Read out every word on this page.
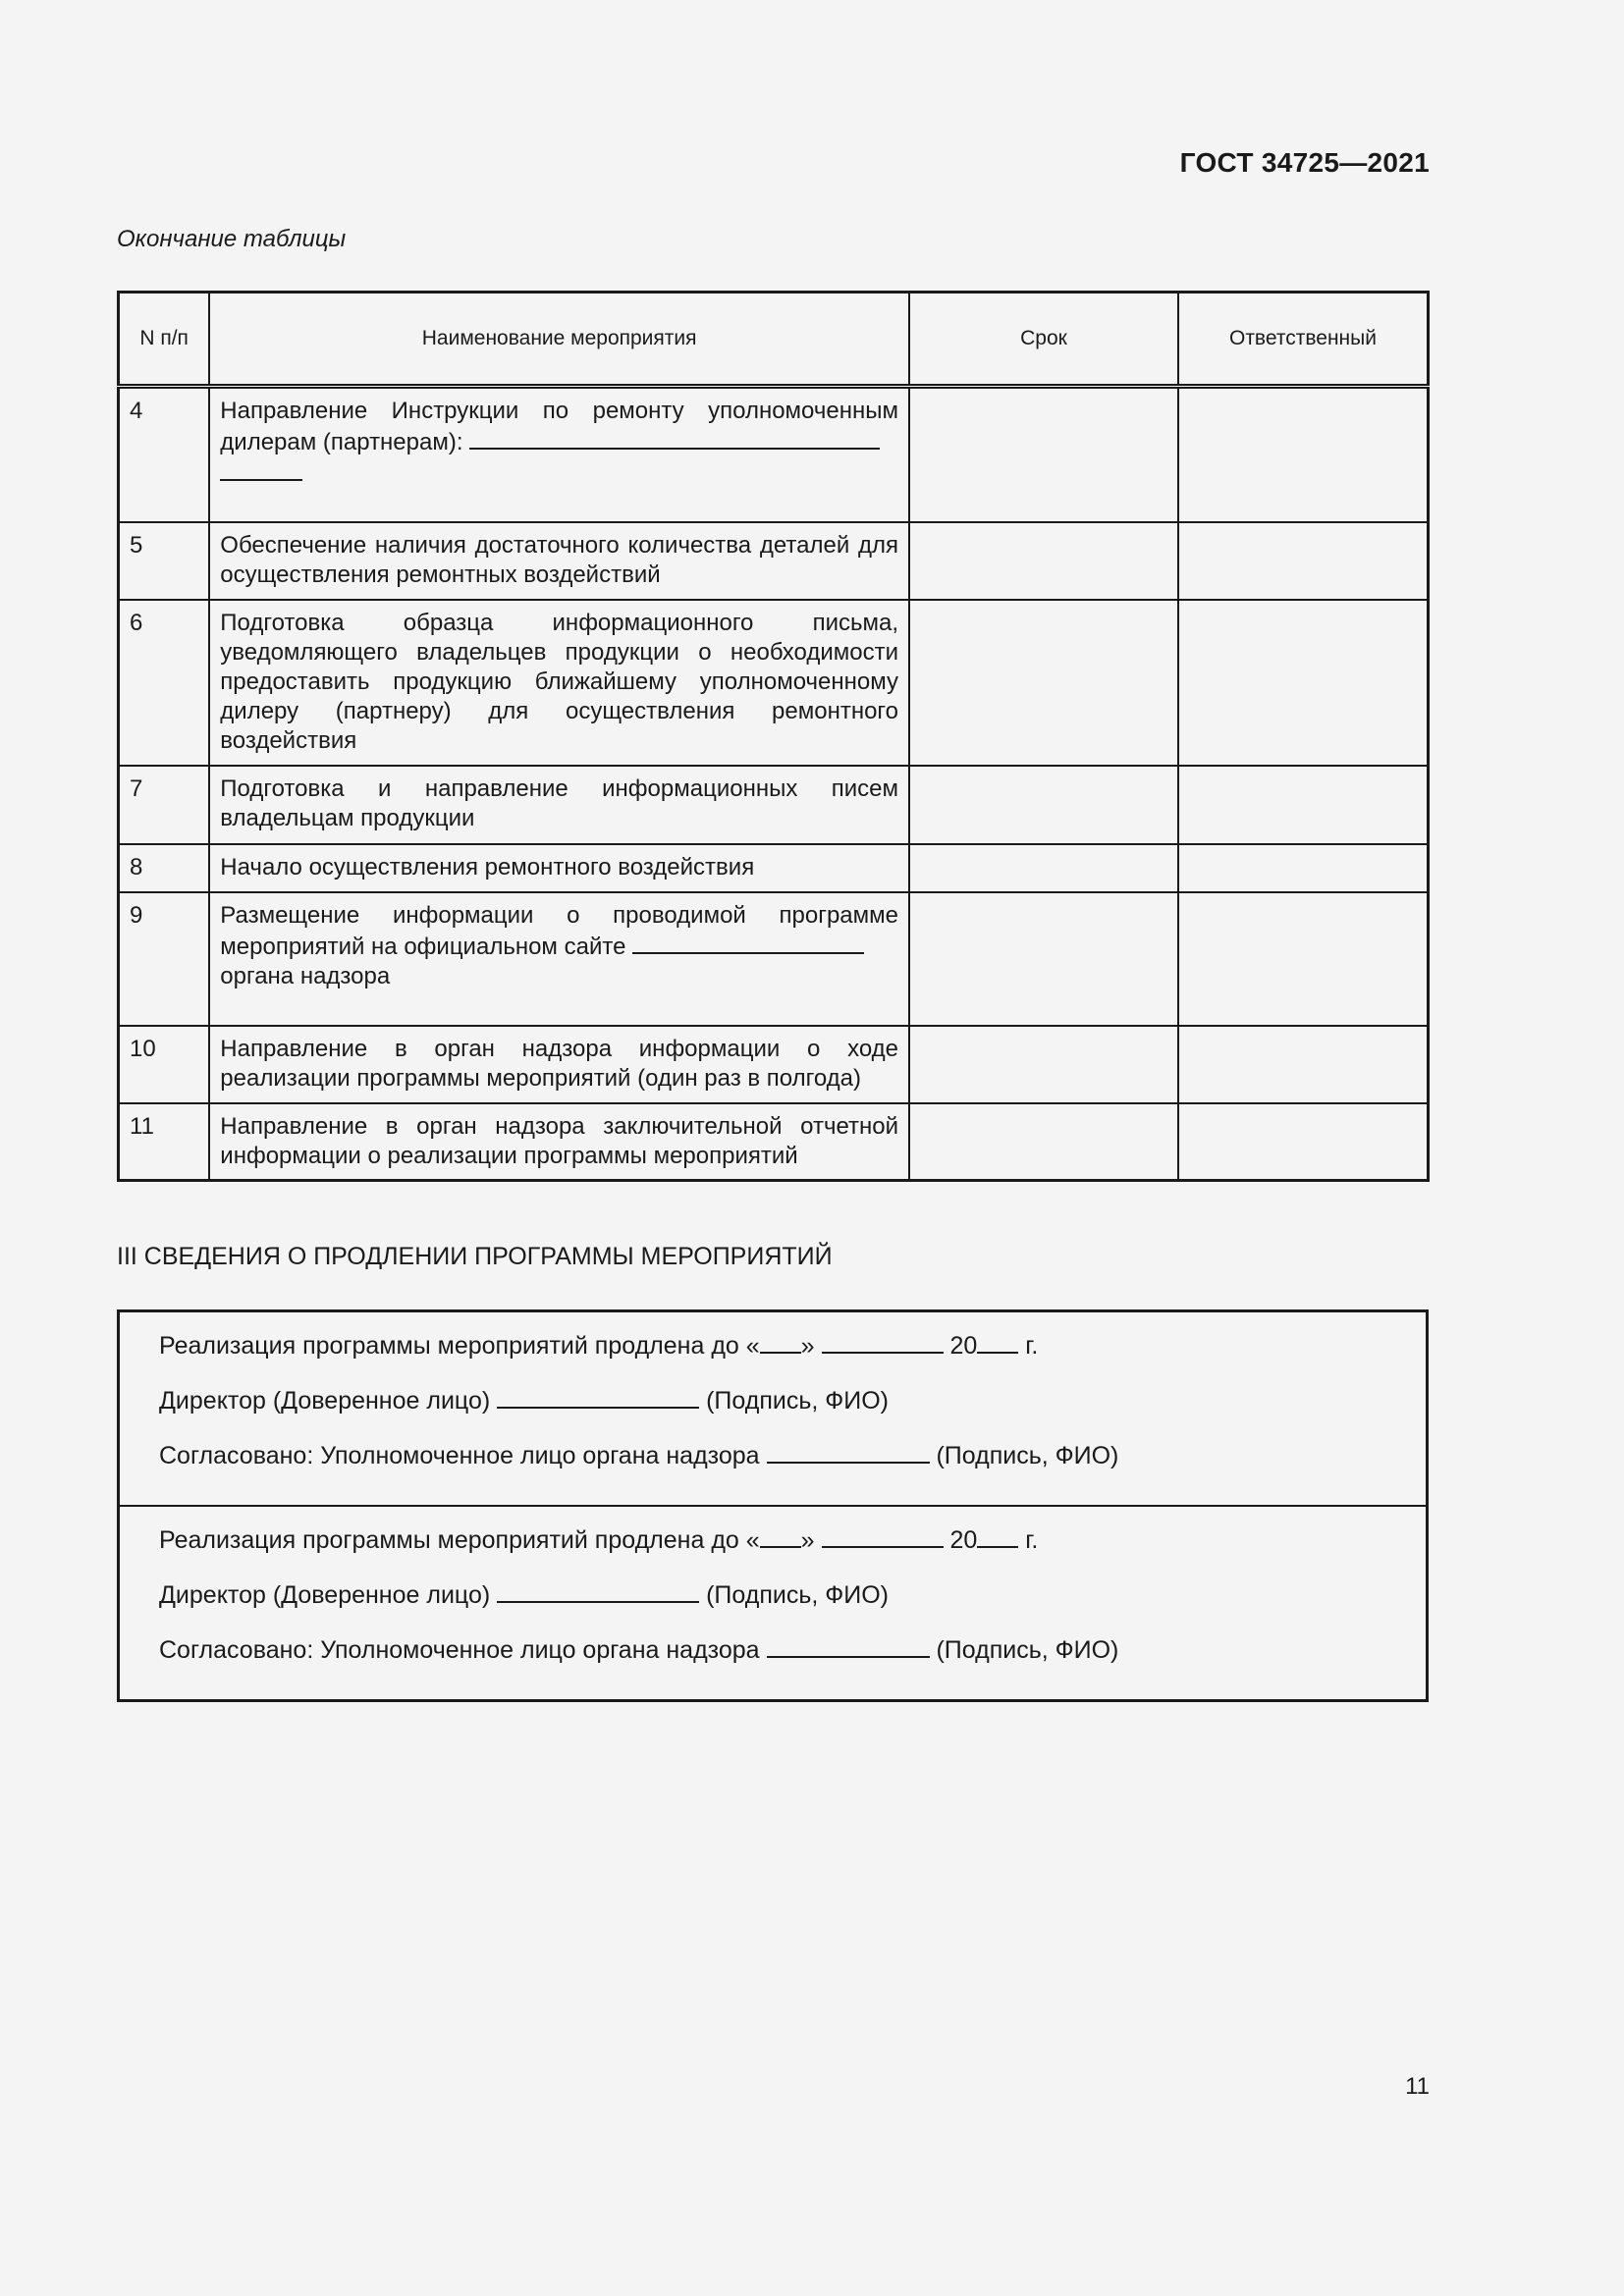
ГОСТ 34725—2021
Окончание таблицы
N п/п	Наименование мероприятия	Срок	Ответственный
4	Направление Инструкции по ремонту уполномоченным дилерам (партнерам):

5	Обеспечение наличия достаточного количества деталей для осуществления ремонтных воздействий		
6	Подготовка образца информационного письма, уведомляющего владельцев продукции о необходимости предоставить продукцию ближайшему уполномоченному дилеру (партнеру) для осуществления ремонтного воздействия		
7	Подготовка и направление информационных писем владельцам продукции		
8	Начало осуществления ремонтного воздействия		
9	Размещение информации о проводимой программе мероприятий на официальном сайте
органа надзора		
10	Направление в орган надзора информации о ходе реализации программы мероприятий (один раз в полгода)		
11	Направление в орган надзора заключительной отчетной информации о реализации программы мероприятий		
III СВЕДЕНИЯ О ПРОДЛЕНИИ ПРОГРАММЫ МЕРОПРИЯТИЙ
Реализация программы мероприятий продлена до « »	20 г.
Директор (Доверенное лицо)	(Подпись, ФИО)
Согласовано: Уполномоченное лицо органа надзора	(Подпись, ФИО)
Реализация программы мероприятий продлена до « »	20 г.
Директор (Доверенное лицо)	(Подпись, ФИО)
Согласовано: Уполномоченное лицо органа надзора	(Подпись, ФИО)
11
